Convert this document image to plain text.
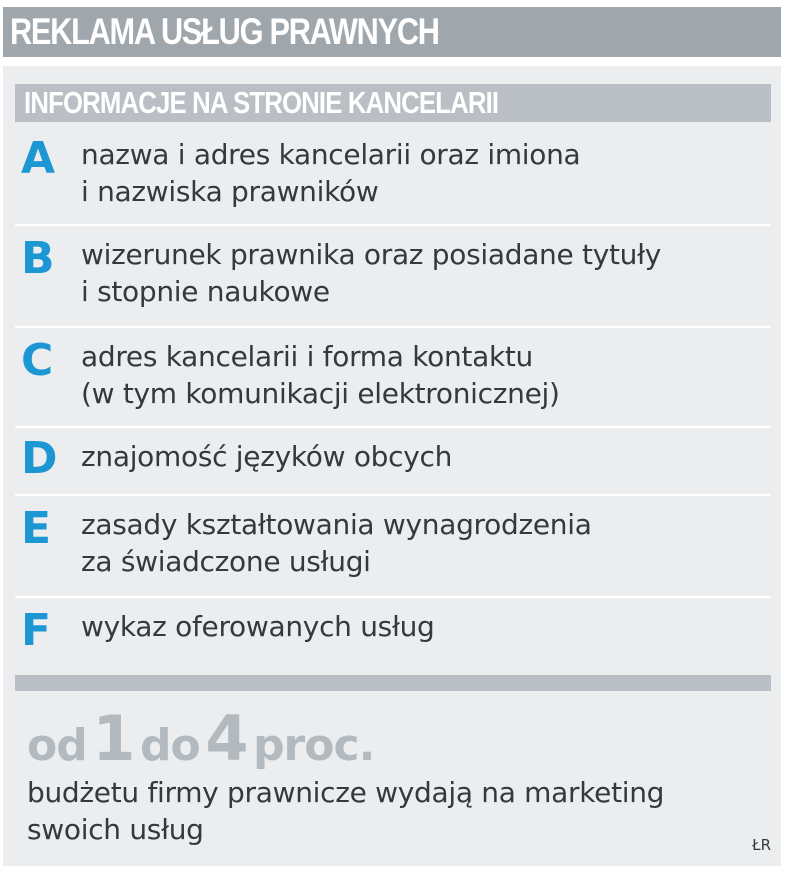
REKLAMA USŁUG PRAWNYCH
INFORMACJE NA STRONIE KANCELARII
A nazwa i adres kancelarii oraz imiona
i nazwiska prawników
B wizerunek prawnika oraz posiadane tytuły
i stopnie naukowe
C adres kancelarii i forma kontaktu
(w tym komunikacji elektronicznej)
D znajomość języków obcych
E zasady kształtowania wynagrodzenia
za świadczone usługi
F wykaz oferowanych usług
od 1 do 4 proc.
budżetu firmy prawnicze wydają na marketing
swoich usług	ŁR
